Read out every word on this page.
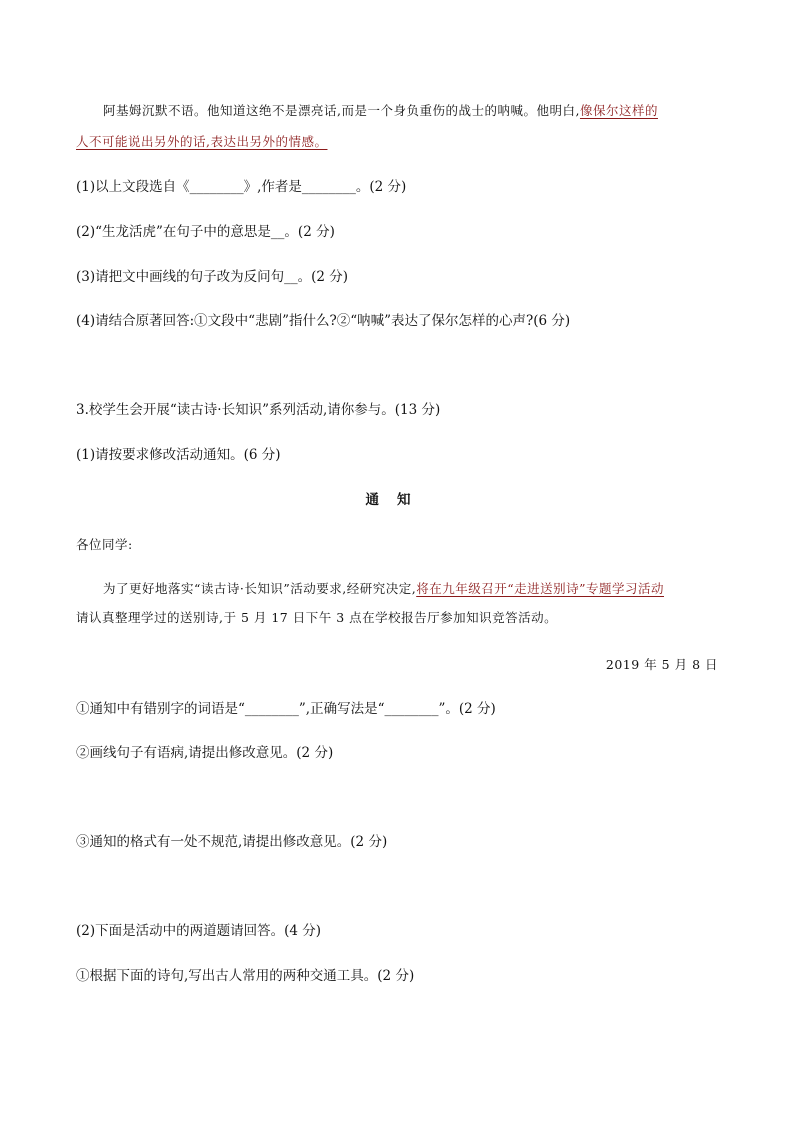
阿基姆沉默不语。他知道这绝不是漂亮话,而是一个身负重伤的战士的呐喊。他明白,像保尔这样的
人不可能说出另外的话,表达出另外的情感。
(1)以上文段选自《________》,作者是________。(2 分)
(2)“生龙活虎”在句子中的意思是__。(2 分)
(3)请把文中画线的句子改为反问句__。(2 分)
(4)请结合原著回答:①文段中“悲剧”指什么?②“呐喊”表达了保尔怎样的心声?(6 分)
3.校学生会开展“读古诗·长知识”系列活动,请你参与。(13 分)
(1)请按要求修改活动通知。(6 分)
通知
各位同学:
为了更好地落实“读古诗·长知识”活动要求,经研究决定,将在九年级召开“走进送别诗”专题学习活动
请认真整理学过的送别诗,于 5 月 17 日下午 3 点在学校报告厅参加知识竞答活动。
2019 年 5 月 8 日
①通知中有错别字的词语是“________”,正确写法是“________”。(2 分)
②画线句子有语病,请提出修改意见。(2 分)
③通知的格式有一处不规范,请提出修改意见。(2 分)
(2)下面是活动中的两道题请回答。(4 分)
①根据下面的诗句,写出古人常用的两种交通工具。(2 分)
